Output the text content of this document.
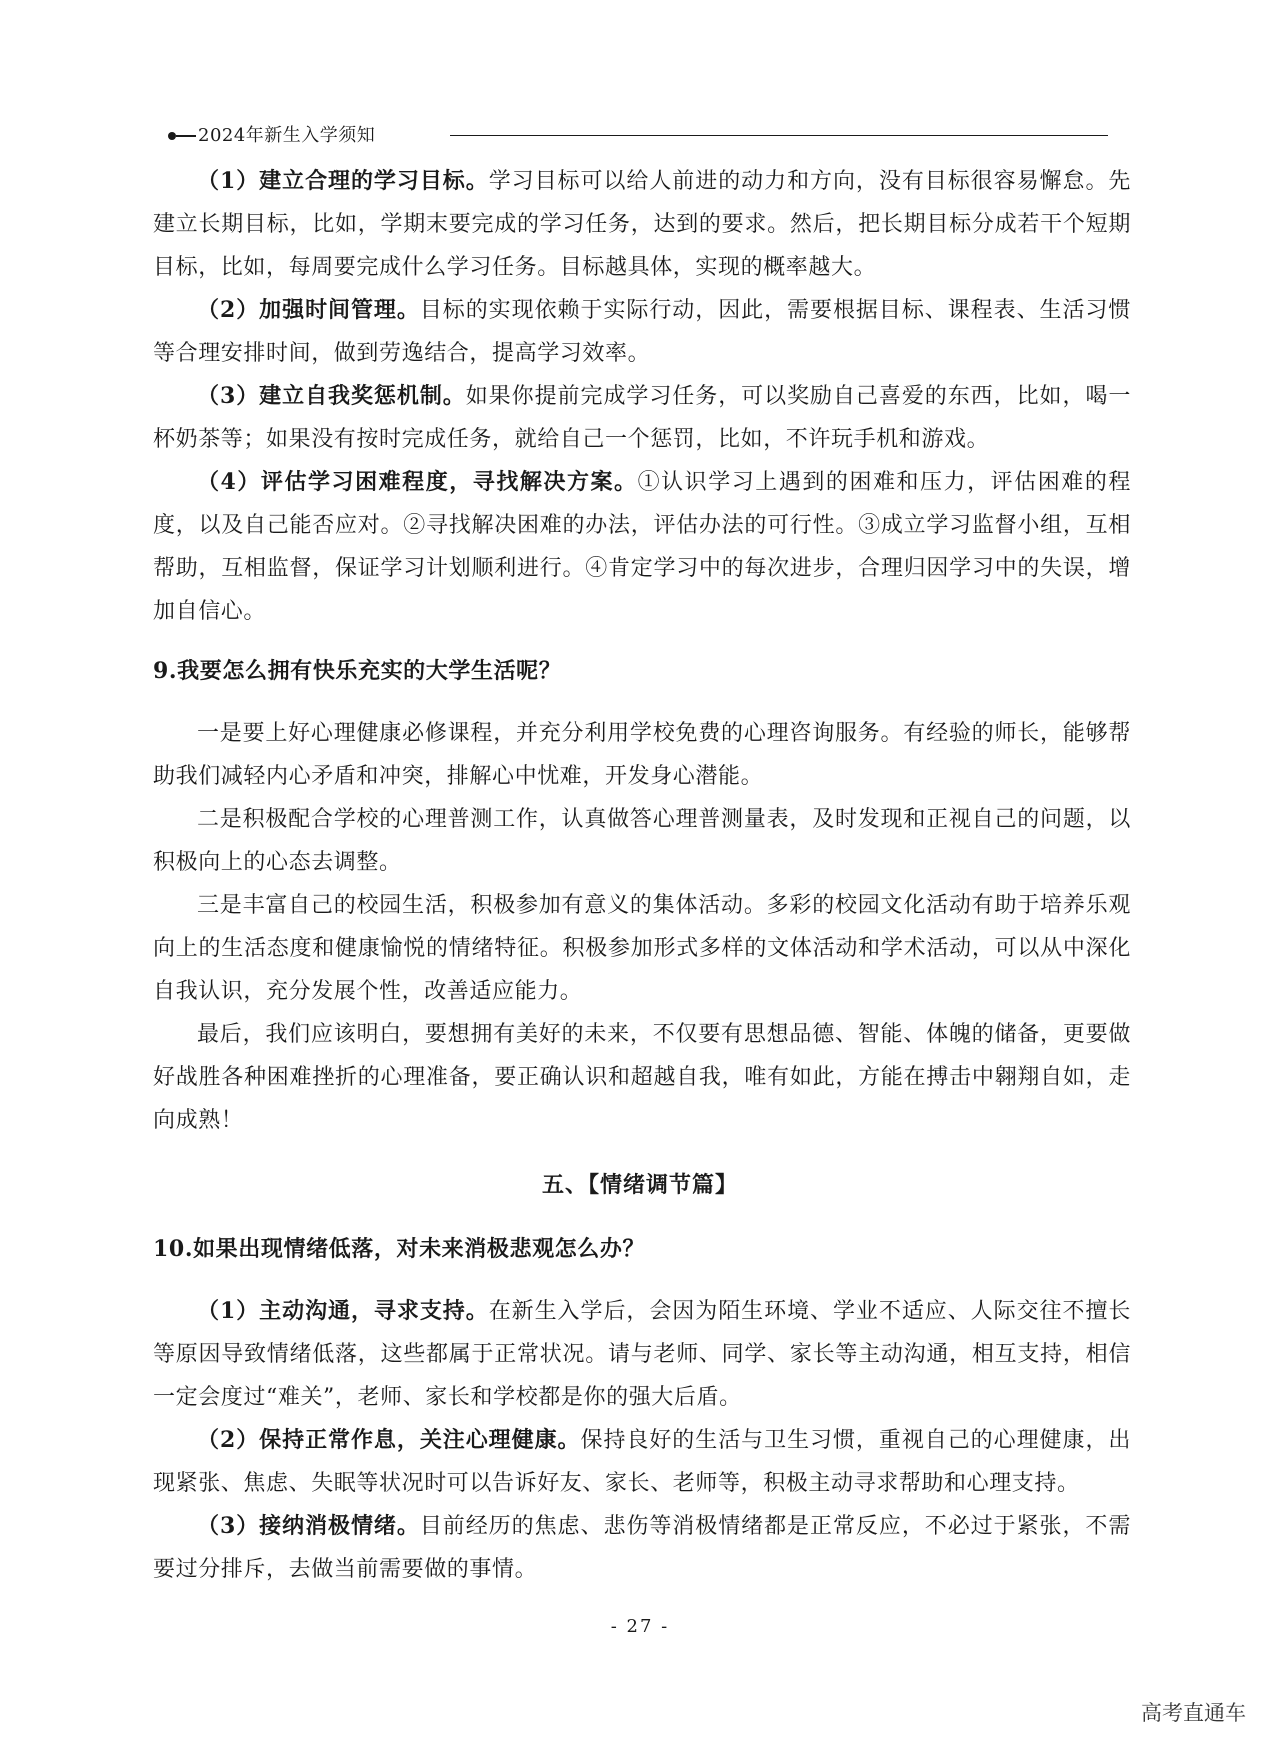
2024年新生入学须知

（1）建立合理的学习目标。学习目标可以给人前进的动力和方向，没有目标很容易懈怠。先建立长期目标，比如，学期末要完成的学习任务，达到的要求。然后，把长期目标分成若干个短期目标，比如，每周要完成什么学习任务。目标越具体，实现的概率越大。

（2）加强时间管理。目标的实现依赖于实际行动，因此，需要根据目标、课程表、生活习惯等合理安排时间，做到劳逸结合，提高学习效率。

（3）建立自我奖惩机制。如果你提前完成学习任务，可以奖励自己喜爱的东西，比如，喝一杯奶茶等；如果没有按时完成任务，就给自己一个惩罚，比如，不许玩手机和游戏。

（4）评估学习困难程度，寻找解决方案。①认识学习上遇到的困难和压力，评估困难的程度，以及自己能否应对。②寻找解决困难的办法，评估办法的可行性。③成立学习监督小组，互相帮助，互相监督，保证学习计划顺利进行。④肯定学习中的每次进步，合理归因学习中的失误，增加自信心。

9.我要怎么拥有快乐充实的大学生活呢？

一是要上好心理健康必修课程，并充分利用学校免费的心理咨询服务。有经验的师长，能够帮助我们减轻内心矛盾和冲突，排解心中忧难，开发身心潜能。

二是积极配合学校的心理普测工作，认真做答心理普测量表，及时发现和正视自己的问题，以积极向上的心态去调整。

三是丰富自己的校园生活，积极参加有意义的集体活动。多彩的校园文化活动有助于培养乐观向上的生活态度和健康愉悦的情绪特征。积极参加形式多样的文体活动和学术活动，可以从中深化自我认识，充分发展个性，改善适应能力。

最后，我们应该明白，要想拥有美好的未来，不仅要有思想品德、智能、体魄的储备，更要做好战胜各种困难挫折的心理准备，要正确认识和超越自我，唯有如此，方能在搏击中翱翔自如，走向成熟！

五、【情绪调节篇】
10.如果出现情绪低落，对未来消极悲观怎么办？

（1）主动沟通，寻求支持。在新生入学后，会因为陌生环境、学业不适应、人际交往不擅长等原因导致情绪低落，这些都属于正常状况。请与老师、同学、家长等主动沟通，相互支持，相信一定会度过“难关”，老师、家长和学校都是你的强大后盾。

（2）保持正常作息，关注心理健康。保持良好的生活与卫生习惯，重视自己的心理健康，出现紧张、焦虑、失眠等状况时可以告诉好友、家长、老师等，积极主动寻求帮助和心理支持。

（3）接纳消极情绪。目前经历的焦虑、悲伤等消极情绪都是正常反应，不必过于紧张，不需要过分排斥，去做当前需要做的事情。

- 27 -
高考直通车
